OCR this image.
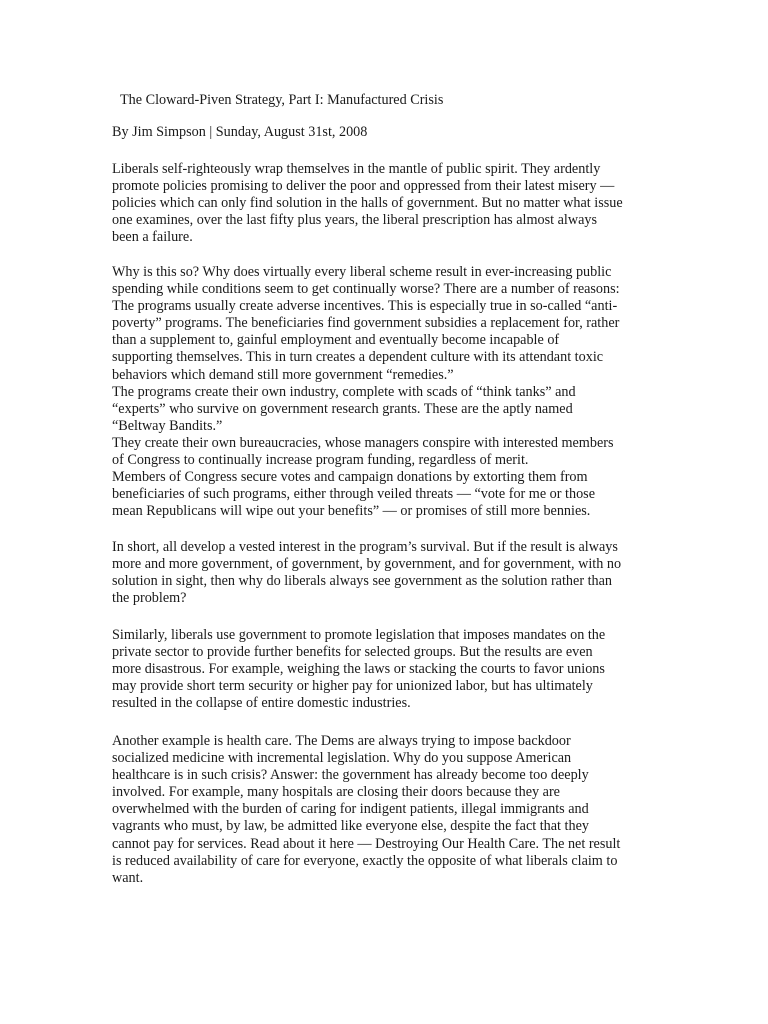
The Cloward-Piven Strategy, Part I: Manufactured Crisis

By Jim Simpson | Sunday, August 31st, 2008

Liberals self-righteously wrap themselves in the mantle of public spirit. They ardently
promote policies promising to deliver the poor and oppressed from their latest misery —
policies which can only find solution in the halls of government. But no matter what issue
one examines, over the last fifty plus years, the liberal prescription has almost always
been a failure.

Why is this so? Why does virtually every liberal scheme result in ever-increasing public
spending while conditions seem to get continually worse? There are a number of reasons:
The programs usually create adverse incentives. This is especially true in so-called “anti-
poverty” programs. The beneficiaries find government subsidies a replacement for, rather
than a supplement to, gainful employment and eventually become incapable of
supporting themselves. This in turn creates a dependent culture with its attendant toxic
behaviors which demand still more government “remedies.”
The programs create their own industry, complete with scads of “think tanks” and
“experts” who survive on government research grants. These are the aptly named
“Beltway Bandits.”
They create their own bureaucracies, whose managers conspire with interested members
of Congress to continually increase program funding, regardless of merit.
Members of Congress secure votes and campaign donations by extorting them from
beneficiaries of such programs, either through veiled threats — “vote for me or those
mean Republicans will wipe out your benefits” — or promises of still more bennies.

In short, all develop a vested interest in the program’s survival. But if the result is always
more and more government, of government, by government, and for government, with no
solution in sight, then why do liberals always see government as the solution rather than
the problem?

Similarly, liberals use government to promote legislation that imposes mandates on the
private sector to provide further benefits for selected groups. But the results are even
more disastrous. For example, weighing the laws or stacking the courts to favor unions
may provide short term security or higher pay for unionized labor, but has ultimately
resulted in the collapse of entire domestic industries.

Another example is health care. The Dems are always trying to impose backdoor
socialized medicine with incremental legislation. Why do you suppose American
healthcare is in such crisis? Answer: the government has already become too deeply
involved. For example, many hospitals are closing their doors because they are
overwhelmed with the burden of caring for indigent patients, illegal immigrants and
vagrants who must, by law, be admitted like everyone else, despite the fact that they
cannot pay for services. Read about it here — Destroying Our Health Care. The net result
is reduced availability of care for everyone, exactly the opposite of what liberals claim to
want.
